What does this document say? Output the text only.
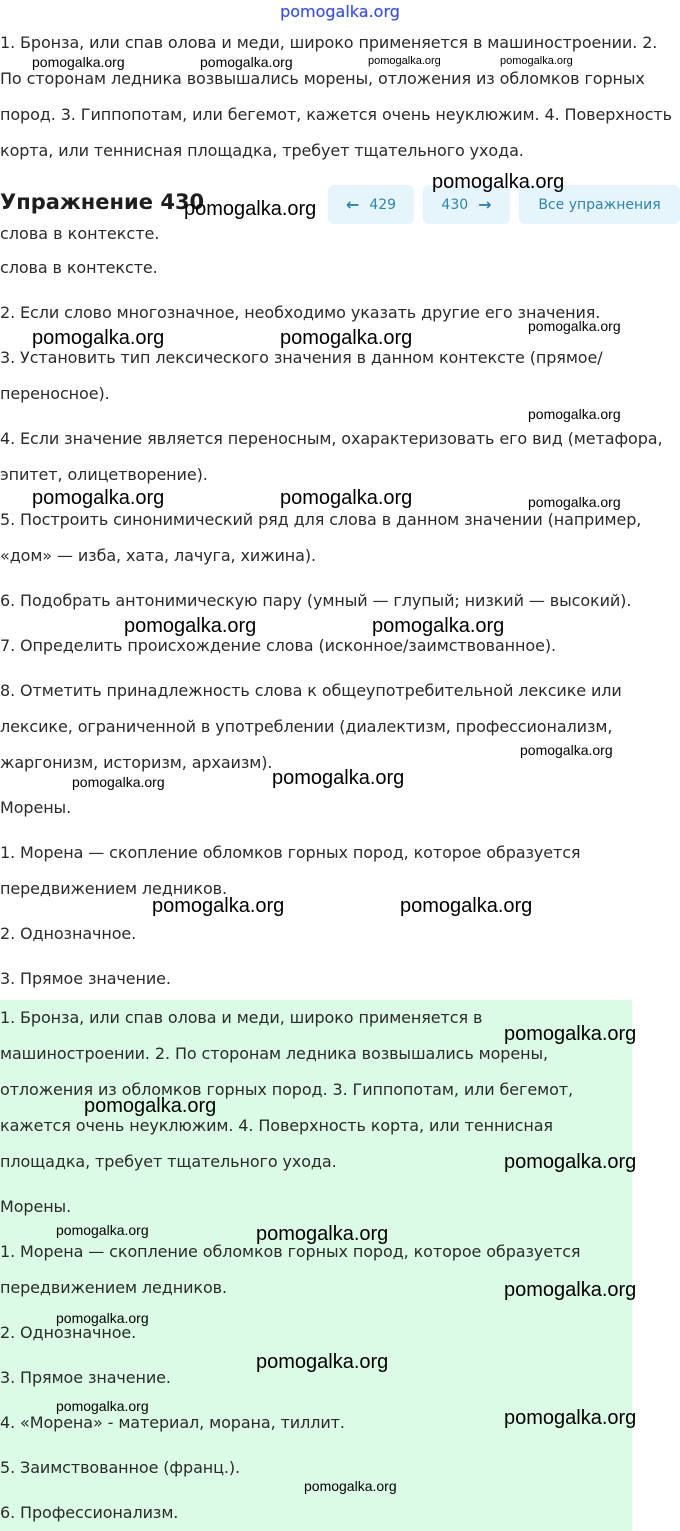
pomogalka.org
1. Бронза, или спав олова и меди, широко применяется в машиностроении. 2.
По сторонам ледника возвышались морены, отложения из обломков горных
пород. 3. Гиппопотам, или бегемот, кажется очень неуклюжим. 4. Поверхность
корта, или теннисная площадка, требует тщательного ухода.
Упражнение 430	← 429	430 →	Все упражнения
слова в контексте.
слова в контексте.
2. Если слово многозначное, необходимо указать другие его значения.
3. Установить тип лексического значения в данном контексте (прямое/
переносное).
4. Если значение является переносным, охарактеризовать его вид (метафора,
эпитет, олицетворение).
5. Построить синонимический ряд для слова в данном значении (например,
«дом» — изба, хата, лачуга, хижина).
6. Подобрать антонимическую пару (умный — глупый; низкий — высокий).
7. Определить происхождение слова (исконное/заимствованное).
8. Отметить принадлежность слова к общеупотребительной лексике или
лексике, ограниченной в употреблении (диалектизм, профессионализм,
жаргонизм, историзм, архаизм).
Морены.
1. Морена — скопление обломков горных пород, которое образуется
передвижением ледников.
2. Однозначное.
3. Прямое значение.
1. Бронза, или спав олова и меди, широко применяется в
машиностроении. 2. По сторонам ледника возвышались морены,
отложения из обломков горных пород. 3. Гиппопотам, или бегемот,
кажется очень неуклюжим. 4. Поверхность корта, или теннисная
площадка, требует тщательного ухода.
Морены.
1. Морена — скопление обломков горных пород, которое образуется
передвижением ледников.
2. Однозначное.
3. Прямое значение.
4. «Морена» - материал, морана, тиллит.
5. Заимствованное (франц.).
6. Профессионализм.
pomogalka.org	pomogalka.org	pomogalka.org	pomogalka.org
pomogalka.org
pomogalka.org
pomogalka.org	pomogalka.org
pomogalka.org
pomogalka.org
pomogalka.org	pomogalka.org	pomogalka.org
pomogalka.org	pomogalka.org
pomogalka.org
pomogalka.org	pomogalka.org
pomogalka.org	pomogalka.org
pomogalka.org
pomogalka.org
pomogalka.org
pomogalka.org	pomogalka.org
pomogalka.org
pomogalka.org
pomogalka.org
pomogalka.org
pomogalka.org
pomogalka.org
